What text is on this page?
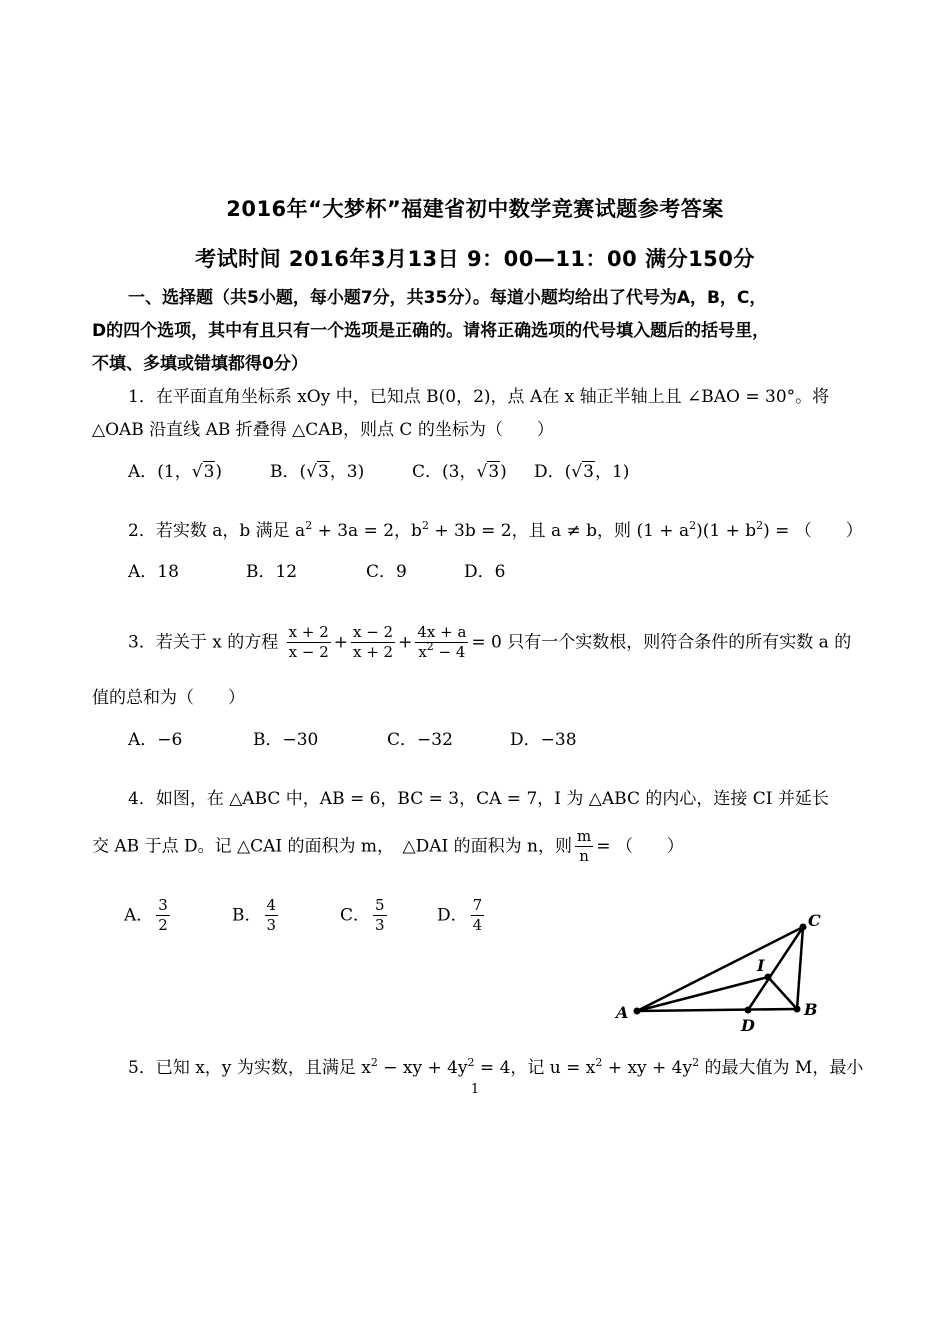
2016年“大梦杯”福建省初中数学竞赛试题参考答案
考试时间 2016年3月13日 9：00—11：00 满分150分
一、选择题（共5小题，每小题7分，共35分）。每道小题均给出了代号为A，B，C，
D的四个选项，其中有且只有一个选项是正确的。请将正确选项的代号填入题后的括号里，
不填、多填或错填都得0分）
1．在平面直角坐标系 xOy 中，已知点 B(0，2)，点 A在 x 轴正半轴上且 ∠BAO = 30°。将
△OAB 沿直线 AB 折叠得 △CAB，则点 C 的坐标为（　　）
A．(1，√3)	B．(√3，3)	C．(3，√3) D．(√3，1)
2．若实数 a，b 满足 $a^2 + 3a = 2$，$b^2 + 3b = 2$，且 a ≠ b，则 $(1 + a^2)(1 + b^2)$ = （　　）
A．18	B．12	C．9	D．6
3．若关于 x 的方程 $\frac{x + 2}{x - 2} + \frac{x - 2}{x + 2} + \frac{4x + a}{x^2 - 4} = 0$ 只有一个实数根，则符合条件的所有实数 a 的
值的总和为（　　）
A．−6	B．−30	C．−32	D．−38
4．如图，在 △ABC 中，AB = 6，BC = 3，CA = 7，I 为 △ABC 的内心，连接 CI 并延长
交 AB 于点 D。记 △CAI 的面积为 m，　△DAI 的面积为 n，则 $\frac{m}{n}$ = （　　）
A． $\frac{3}{2}$	B． $\frac{4}{3}$	C． $\frac{5}{3}$	D． $\frac{7}{4}$
A	B
C
D
I
5．已知 x，y 为实数，且满足 $x^2$ − xy + $4y^2 = 4$，记 $u = x^2$ + xy + $4y^2$ 的最大值为 M，最小
1
